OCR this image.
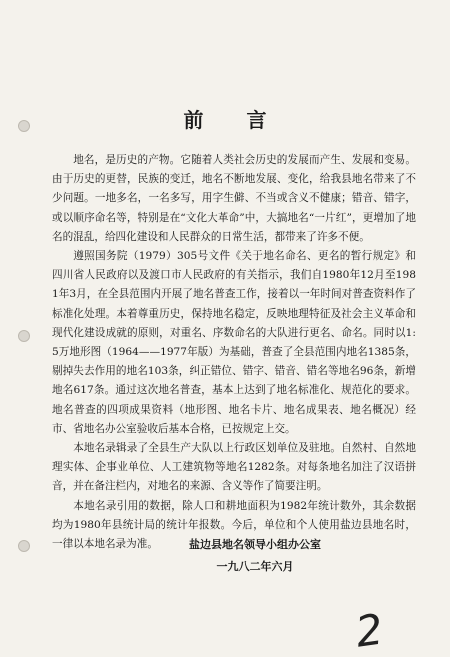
前 言

地名，是历史的产物。它随着人类社会历史的发展而产生、发展和变易。由于历史的更替，民族的变迁，地名不断地发展、变化，给我县地名带来了不少问题。一地多名，一名多写，用字生僻、不当或含义不健康；错音、错字，或以顺序命名等，特别是在“文化大革命”中，大搞地名“一片红”，更增加了地名的混乱，给四化建设和人民群众的日常生活，都带来了许多不便。

遵照国务院（1979）305号文件《关于地名命名、更名的暂行规定》和四川省人民政府以及渡口市人民政府的有关指示，我们自1980年12月至1981年3月，在全县范围内开展了地名普查工作，接着以一年时间对普查资料作了标准化处理。本着尊重历史，保持地名稳定，反映地理特征及社会主义革命和现代化建设成就的原则，对重名、序数命名的大队进行更名、命名。同时以1:5万地形图（1964——1977年版）为基础，普查了全县范围内地名1385条，剔掉失去作用的地名103条，纠正错位、错字、错音、错名等地名96条，新增地名617条。通过这次地名普查，基本上达到了地名标准化、规范化的要求。地名普查的四项成果资料（地形图、地名卡片、地名成果表、地名概况）经市、省地名办公室验收后基本合格，已按规定上交。

本地名录辑录了全县生产大队以上行政区划单位及驻地。自然村、自然地理实体、企事业单位、人工建筑物等地名1282条。对每条地名加注了汉语拼音，并在备注栏内，对地名的来源、含义等作了简要注明。

本地名录引用的数据，除人口和耕地面积为1982年统计数外，其余数据均为1980年县统计局的统计年报数。今后，单位和个人使用盐边县地名时，一律以本地名录为准。	盐边县地名领导小组办公室
一九八二年六月
2
